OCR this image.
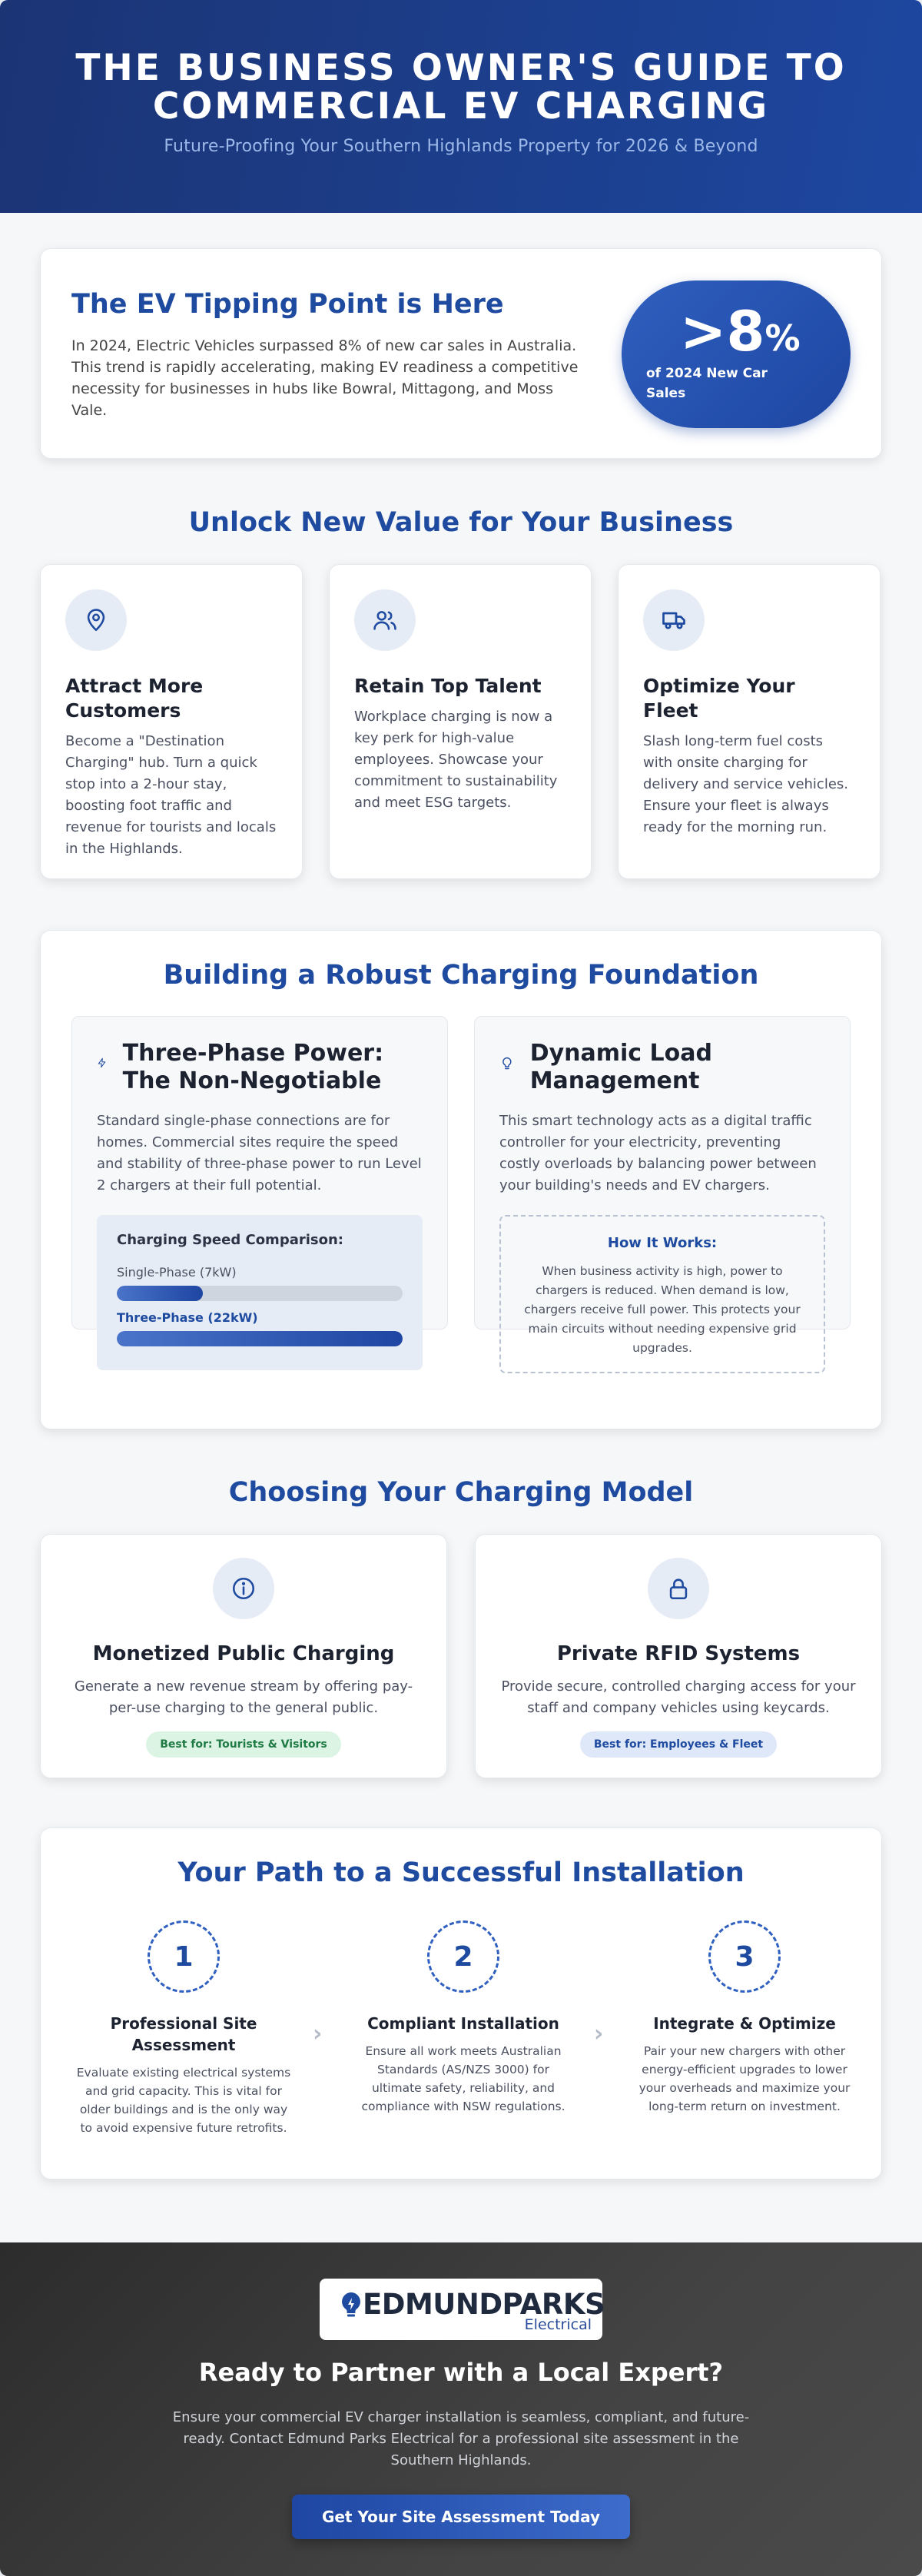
THE BUSINESS OWNER'S GUIDE TO COMMERCIAL EV CHARGING
Future-Proofing Your Southern Highlands Property for 2026 & Beyond
The EV Tipping Point is Here

In 2024, Electric Vehicles surpassed 8% of new car sales in Australia. This trend is rapidly accelerating, making EV readiness a competitive necessity for businesses in hubs like Bowral, Mittagong, and Moss Vale.

>8%
of 2024 New Car Sales
Unlock New Value for Your Business
Attract More Customers

Become a "Destination Charging" hub. Turn a quick stop into a 2-hour stay, boosting foot traffic and revenue for tourists and locals in the Highlands.

Retain Top Talent

Workplace charging is now a key perk for high-value employees. Showcase your commitment to sustainability and meet ESG targets.

Optimize Your Fleet

Slash long-term fuel costs with onsite charging for delivery and service vehicles. Ensure your fleet is always ready for the morning run.

Building a Robust Charging Foundation
Three-Phase Power: The Non-Negotiable

Standard single-phase connections are for homes. Commercial sites require the speed and stability of three-phase power to run Level 2 chargers at their full potential.

Charging Speed Comparison:
Single-Phase (7kW)
Three-Phase (22kW)
Dynamic Load Management

This smart technology acts as a digital traffic controller for your electricity, preventing costly overloads by balancing power between your building's needs and EV chargers.

How It Works:

When business activity is high, power to chargers is reduced. When demand is low, chargers receive full power. This protects your main circuits without needing expensive grid upgrades.

Choosing Your Charging Model
Monetized Public Charging

Generate a new revenue stream by offering pay-per-use charging to the general public.

Best for: Tourists & Visitors
Private RFID Systems

Provide secure, controlled charging access for your staff and company vehicles using keycards.

Best for: Employees & Fleet
Your Path to a Successful Installation
1
Professional Site Assessment

Evaluate existing electrical systems and grid capacity. This is vital for older buildings and is the only way to avoid expensive future retrofits.

›
2
Compliant Installation

Ensure all work meets Australian Standards (AS/NZS 3000) for ultimate safety, reliability, and compliance with NSW regulations.

›
3
Integrate & Optimize

Pair your new chargers with other energy-efficient upgrades to lower your overheads and maximize your long-term return on investment.

EDMUNDPARKS
Electrical
Ready to Partner with a Local Expert?

Ensure your commercial EV charger installation is seamless, compliant, and future-ready. Contact Edmund Parks Electrical for a professional site assessment in the Southern Highlands.

Get Your Site Assessment Today
